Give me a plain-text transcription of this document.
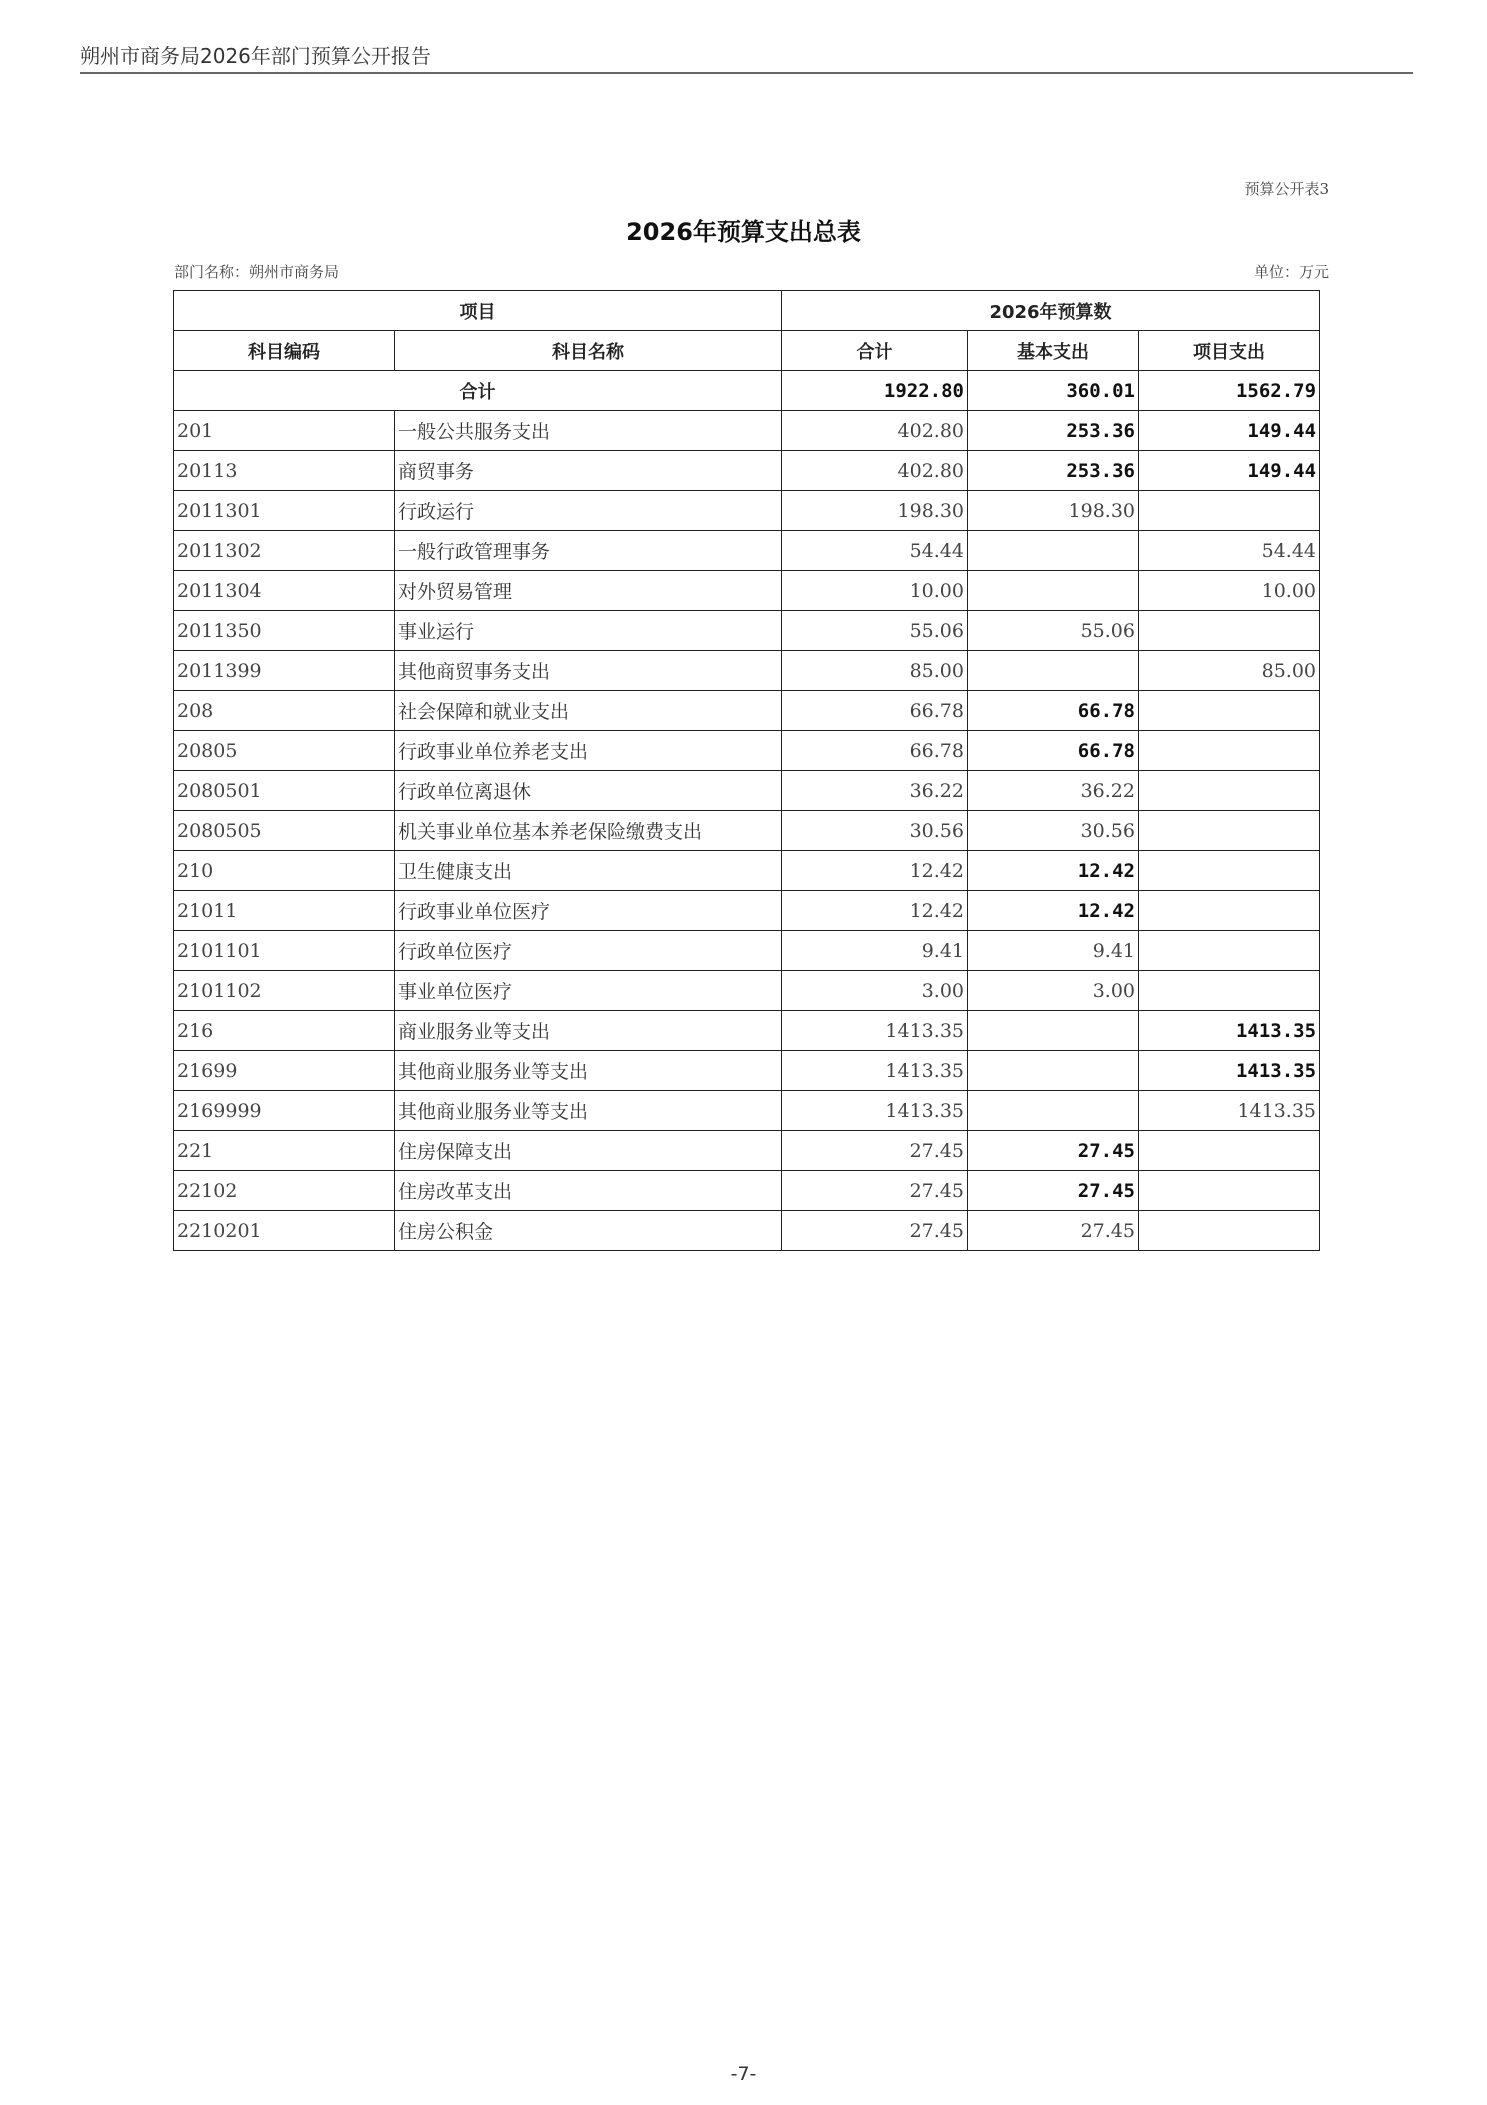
朔州市商务局2026年部门预算公开报告
预算公开表3
2026年预算支出总表
部门名称：朔州市商务局	单位：万元
项目		2026年预算数		
科目编码	科目名称	合计	基本支出	项目支出
合计		1922.80	360.01	1562.79
201	一般公共服务支出	402.80	253.36	149.44
20113	商贸事务	402.80	253.36	149.44
2011301	行政运行	198.30	198.30	
2011302	一般行政管理事务	54.44		54.44
2011304	对外贸易管理	10.00		10.00
2011350	事业运行	55.06	55.06	
2011399	其他商贸事务支出	85.00		85.00
208	社会保障和就业支出	66.78	66.78	
20805	行政事业单位养老支出	66.78	66.78	
2080501	行政单位离退休	36.22	36.22	
2080505	机关事业单位基本养老保险缴费支出	30.56	30.56	
210	卫生健康支出	12.42	12.42	
21011	行政事业单位医疗	12.42	12.42	
2101101	行政单位医疗	9.41	9.41	
2101102	事业单位医疗	3.00	3.00	
216	商业服务业等支出	1413.35		1413.35
21699	其他商业服务业等支出	1413.35		1413.35
2169999	其他商业服务业等支出	1413.35		1413.35
221	住房保障支出	27.45	27.45	
22102	住房改革支出	27.45	27.45	
2210201	住房公积金	27.45	27.45	
-7-
